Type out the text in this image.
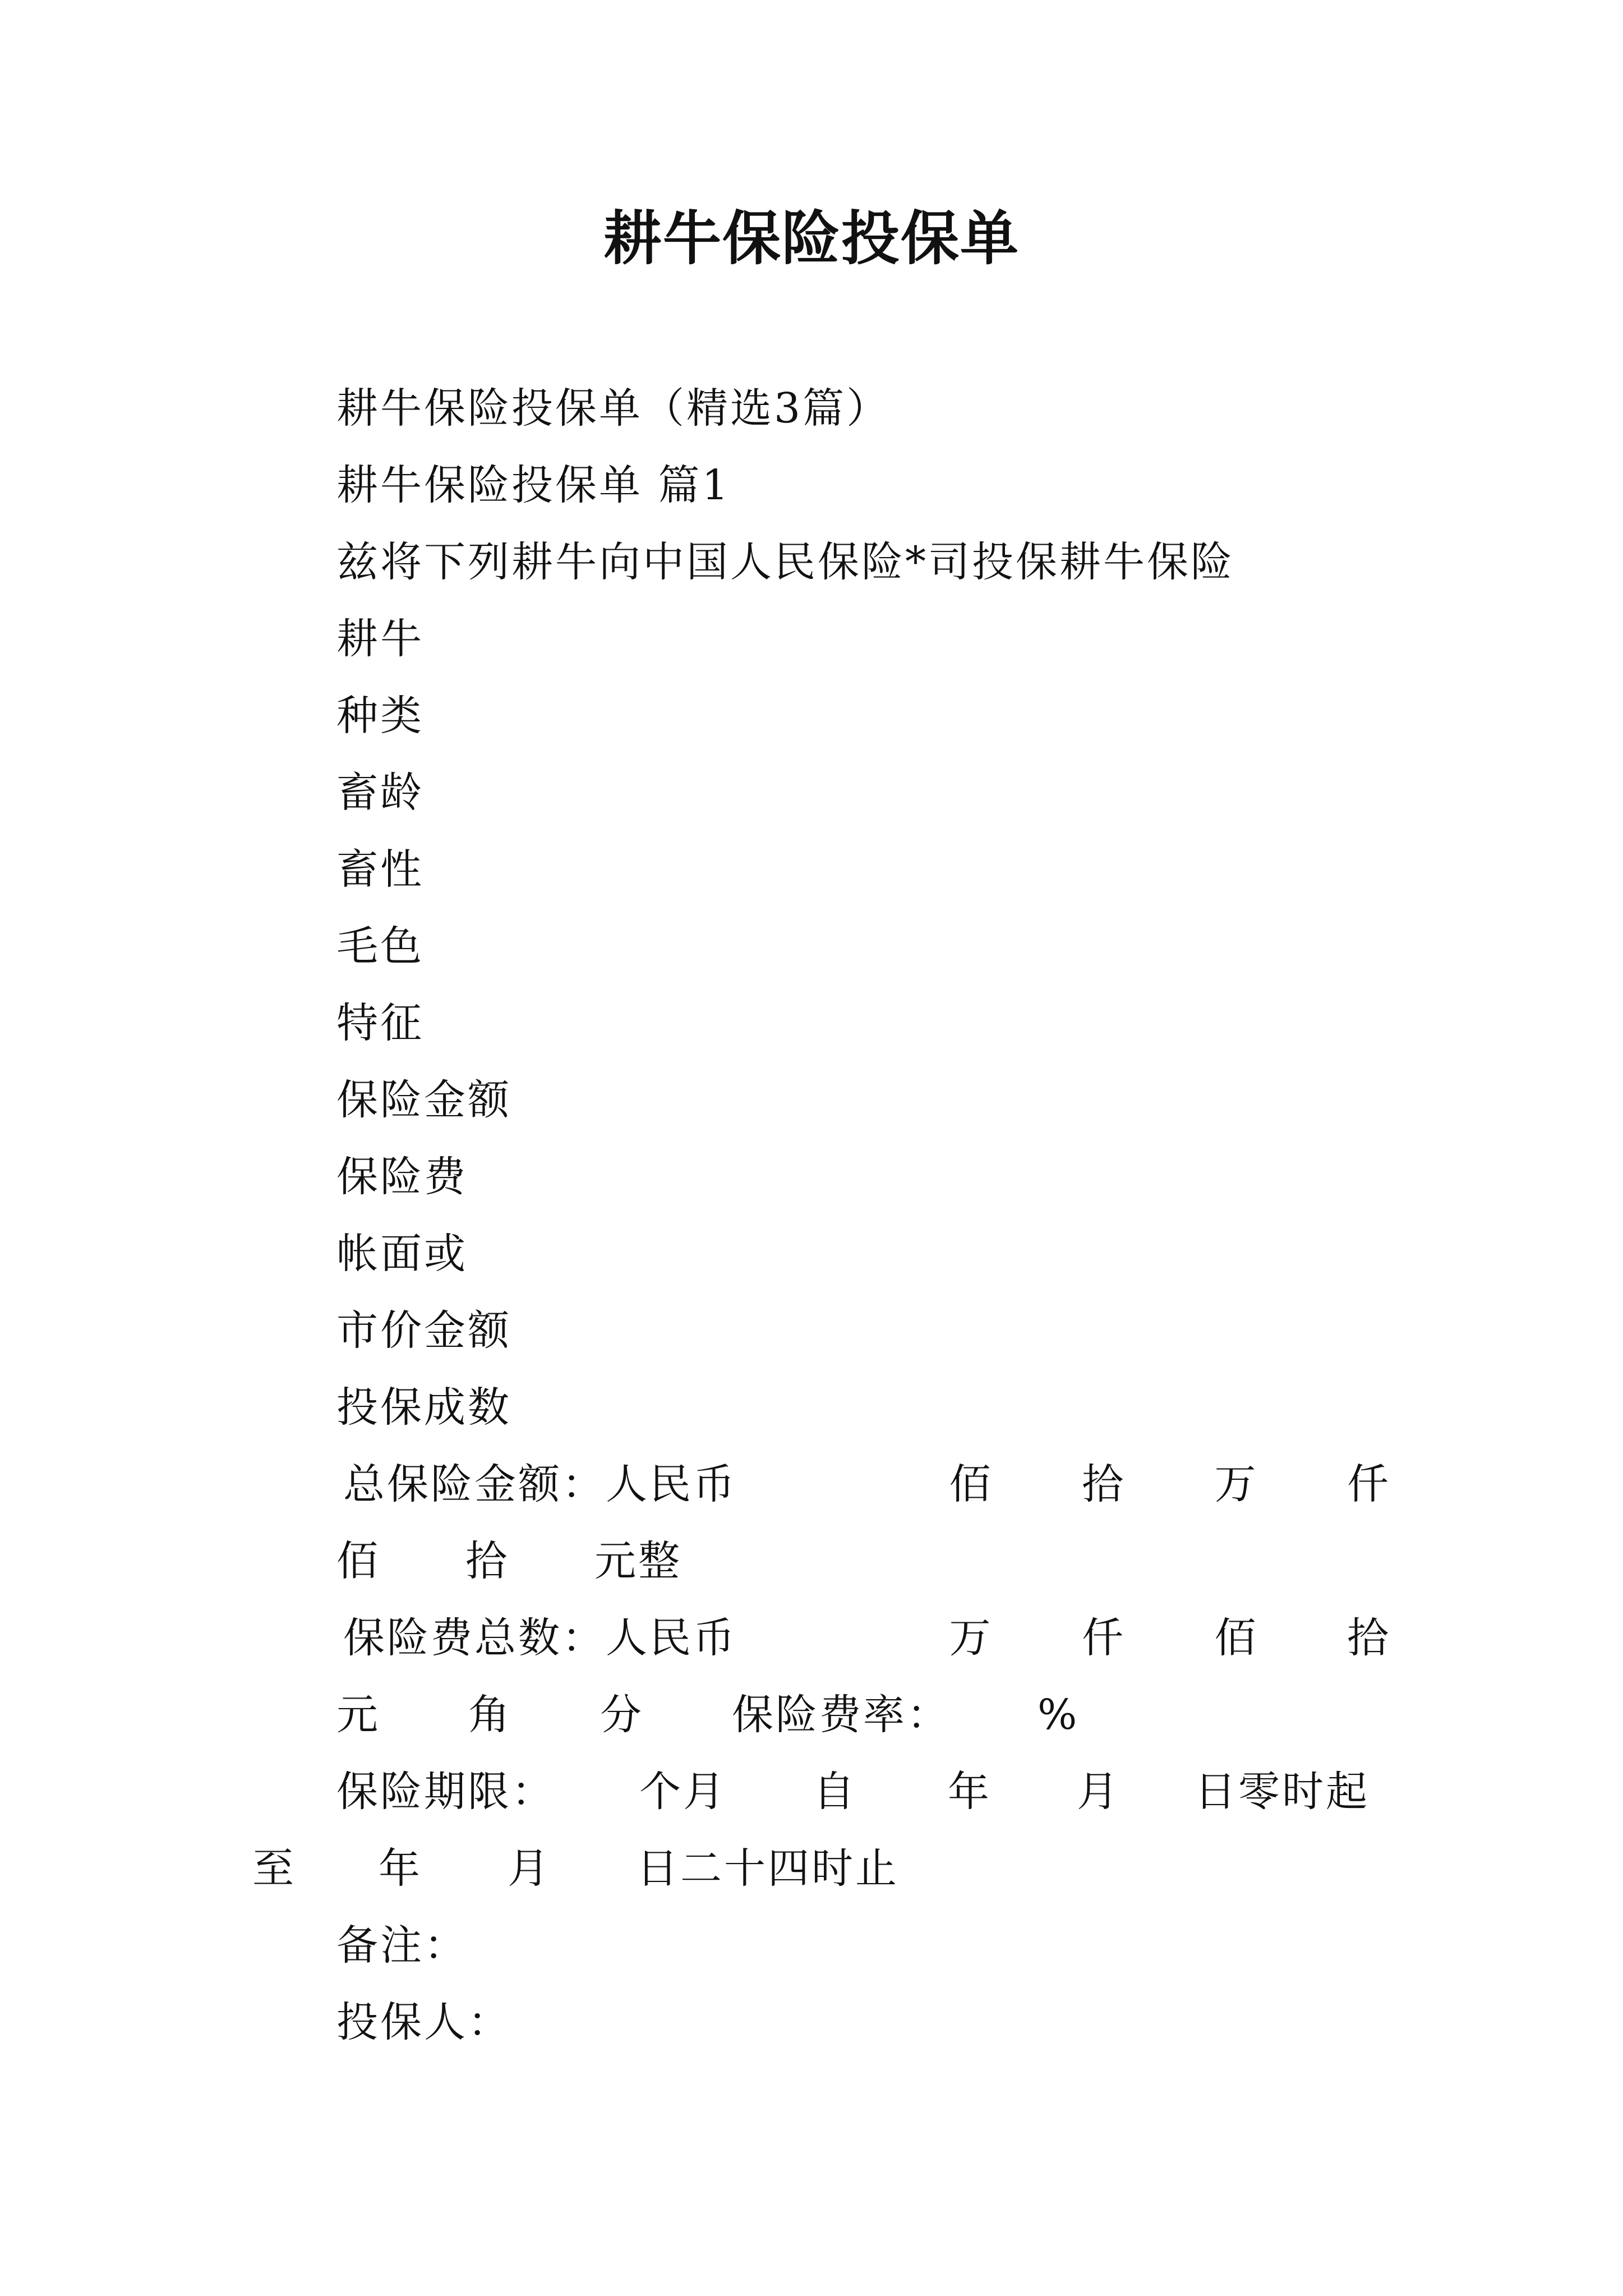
耕牛保险投保单
耕牛保险投保单（精选3篇）
耕牛保险投保单 篇1
兹将下列耕牛向中国人民保险*司投保耕牛保险
耕牛
种类
畜龄
畜性
毛色
特征
保险金额
保险费
帐面或
市价金额
投保成数
总保险金额：人民币	佰 拾 万 仟
佰	拾	元整
保险费总数：人民币	万 仟 佰 拾
元	角	分	保险费率：	%
保险期限：	个月	自	年	月	日零时起
至	年	月	日二十四时止
备注：
投保人：
